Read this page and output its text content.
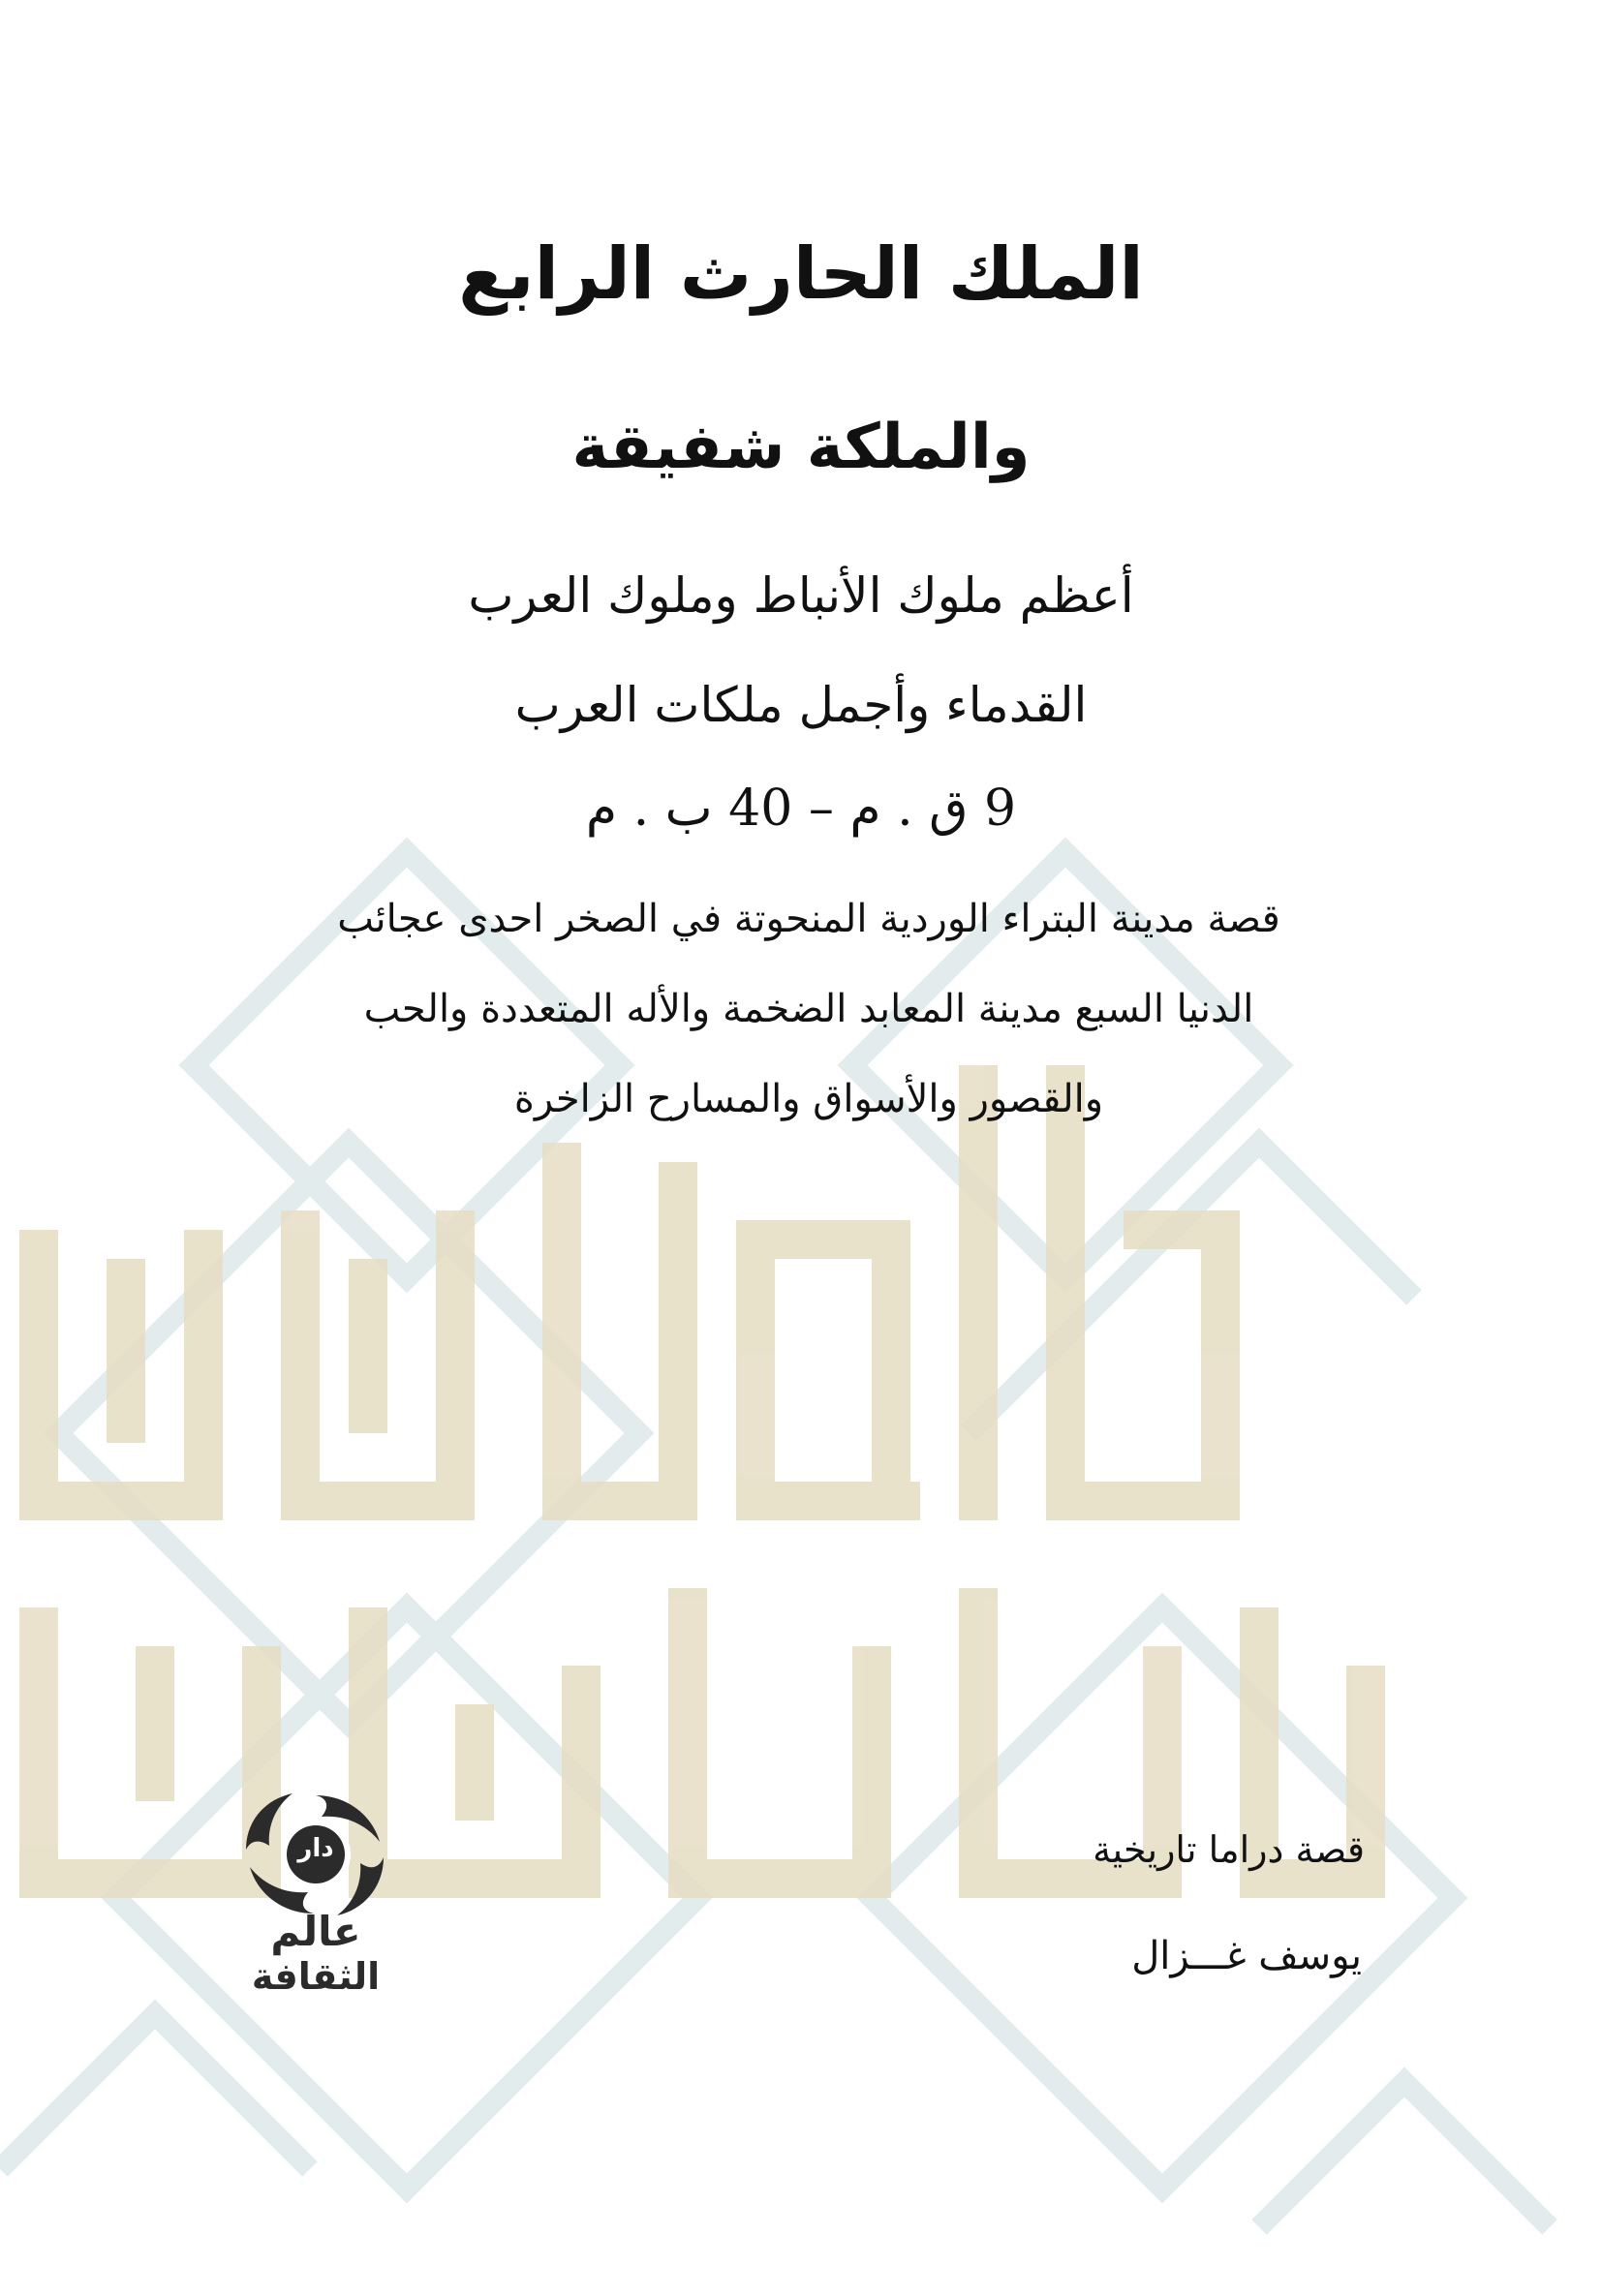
الملك الحارث الرابع
والملكة شفيقة
أعظم ملوك الأنباط وملوك العرب
القدماء وأجمل ملكات العرب
9 ق . م – 40 ب . م
قصة مدينة البتراء الوردية المنحوتة في الصخر احدى عجائب
الدنيا السبع مدينة المعابد الضخمة والأله المتعددة والحب
والقصور والأسواق والمسارح الزاخرة
قصة دراما تاريخية
يوسف غـــزال
دار
عالم
الثقافة
